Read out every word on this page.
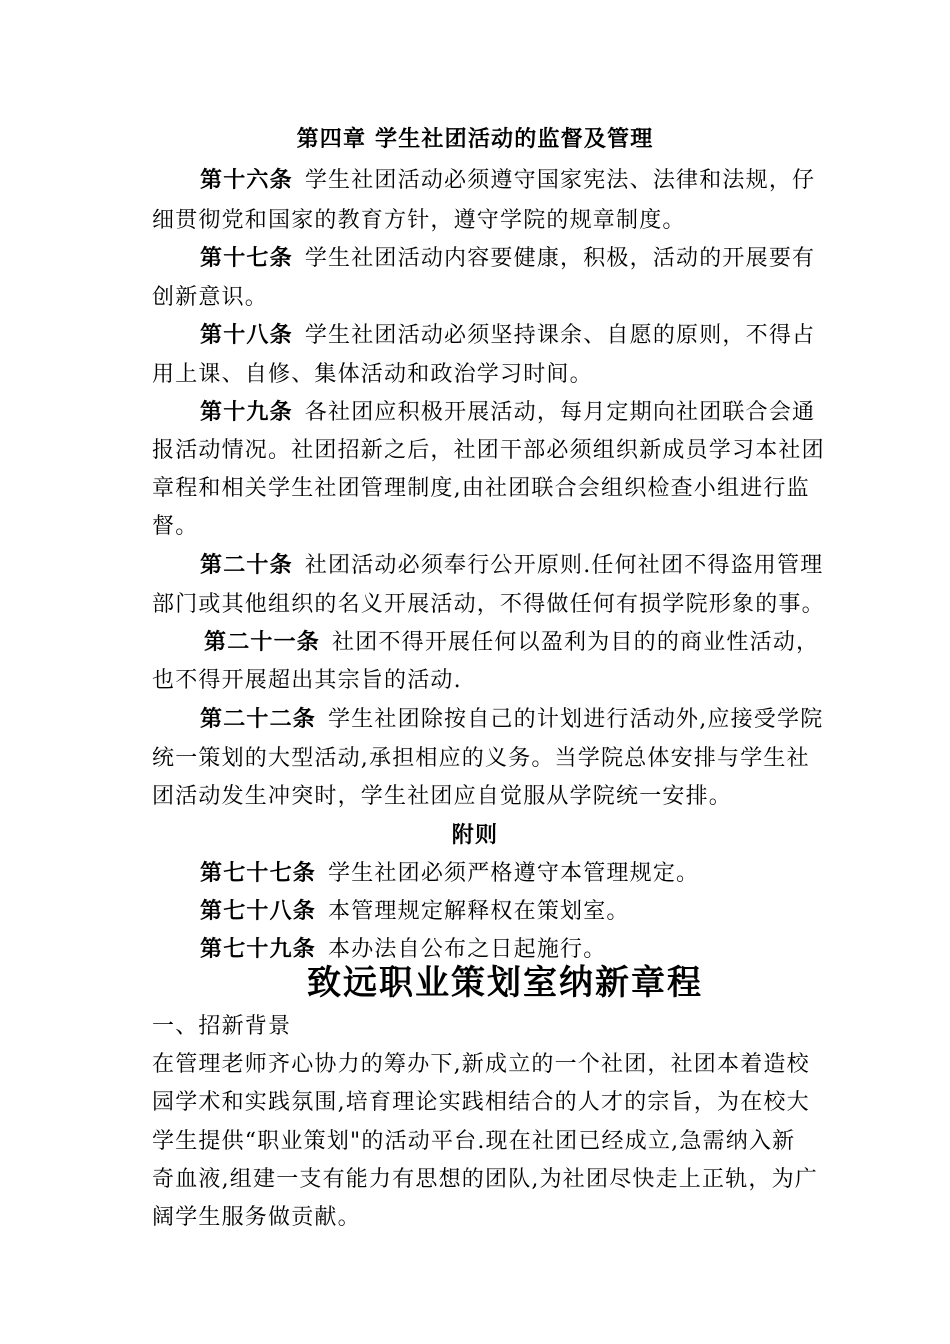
第四章 学生社团活动的监督及管理
第十六条 学生社团活动必须遵守国家宪法、法律和法规，仔
细贯彻党和国家的教育方针，遵守学院的规章制度。
第十七条 学生社团活动内容要健康，积极，活动的开展要有
创新意识。
第十八条 学生社团活动必须坚持课余、自愿的原则，不得占
用上课、自修、集体活动和政治学习时间。
第十九条 各社团应积极开展活动，每月定期向社团联合会通
报活动情况。社团招新之后，社团干部必须组织新成员学习本社团
章程和相关学生社团管理制度,由社团联合会组织检查小组进行监
督。
第二十条 社团活动必须奉行公开原则.任何社团不得盗用管理
部门或其他组织的名义开展活动，不得做任何有损学院形象的事。
第二十一条 社团不得开展任何以盈利为目的的商业性活动，
也不得开展超出其宗旨的活动.
第二十二条 学生社团除按自己的计划进行活动外,应接受学院
统一策划的大型活动,承担相应的义务。当学院总体安排与学生社
团活动发生冲突时，学生社团应自觉服从学院统一安排。
附则
第七十七条 学生社团必须严格遵守本管理规定。
第七十八条 本管理规定解释权在策划室。
第七十九条 本办法自公布之日起施行。
致远职业策划室纳新章程
一、招新背景
在管理老师齐心协力的筹办下,新成立的一个社团，社团本着造校
园学术和实践氛围,培育理论实践相结合的人才的宗旨，为在校大
学生提供“职业策划"的活动平台.现在社团已经成立,急需纳入新
奇血液,组建一支有能力有思想的团队,为社团尽快走上正轨，为广
阔学生服务做贡献。
